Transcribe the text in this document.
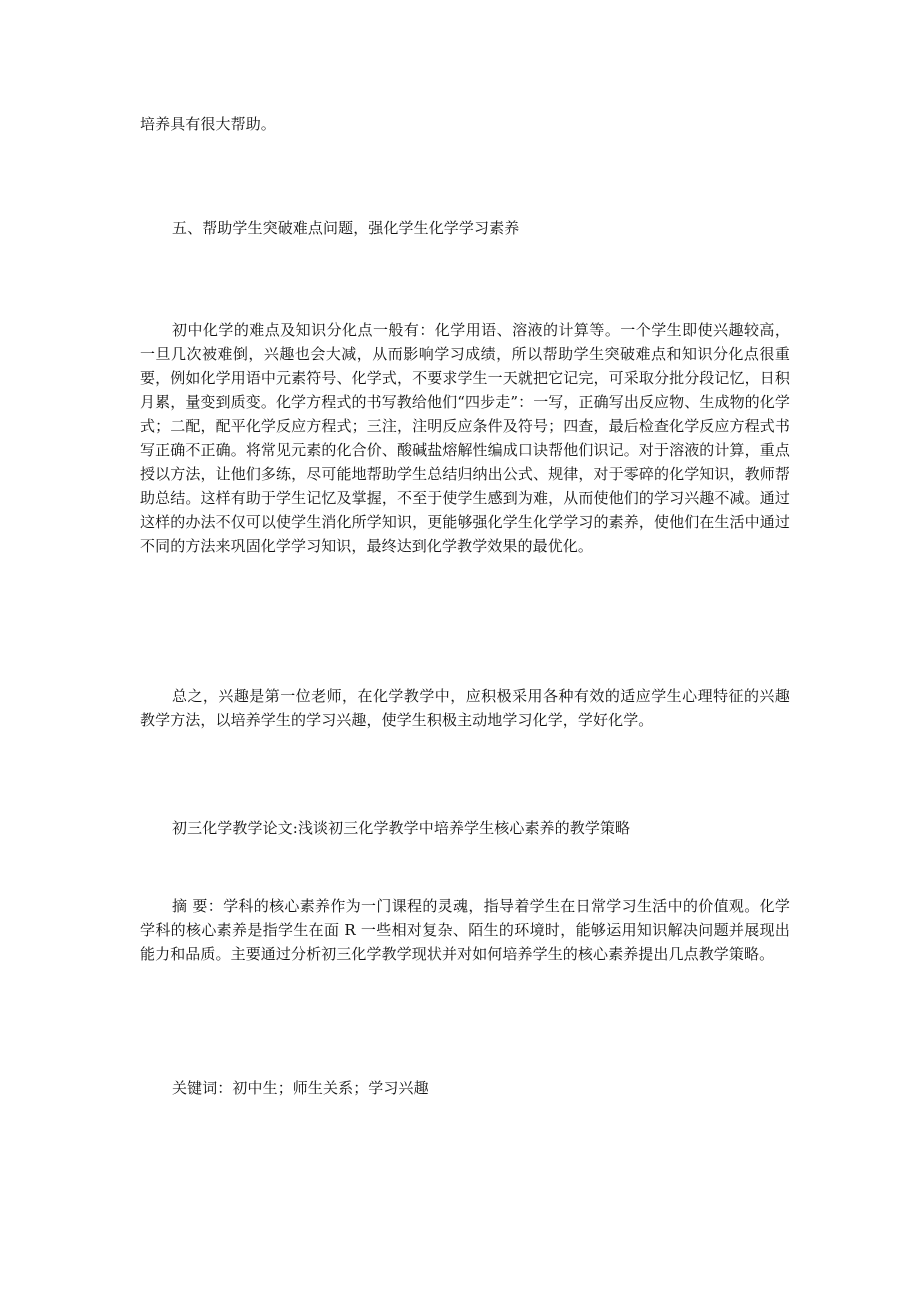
培养具有很大帮助。

五、帮助学生突破难点问题，强化学生化学学习素养

初中化学的难点及知识分化点一般有：化学用语、溶液的计算等。一个学生即使兴趣较高，一旦几次被难倒，兴趣也会大减，从而影响学习成绩，所以帮助学生突破难点和知识分化点很重要，例如化学用语中元素符号、化学式，不要求学生一天就把它记完，可采取分批分段记忆，日积月累，量变到质变。化学方程式的书写教给他们“四步走”：一写，正确写出反应物、生成物的化学式；二配，配平化学反应方程式；三注，注明反应条件及符号；四查，最后检查化学反应方程式书写正确不正确。将常见元素的化合价、酸碱盐熔解性编成口诀帮他们识记。对于溶液的计算，重点授以方法，让他们多练，尽可能地帮助学生总结归纳出公式、规律，对于零碎的化学知识，教师帮助总结。这样有助于学生记忆及掌握，不至于使学生感到为难，从而使他们的学习兴趣不减。通过这样的办法不仅可以使学生消化所学知识，更能够强化学生化学学习的素养，使他们在生活中通过不同的方法来巩固化学学习知识，最终达到化学教学效果的最优化。

总之，兴趣是第一位老师，在化学教学中，应积极采用各种有效的适应学生心理特征的兴趣教学方法，以培养学生的学习兴趣，使学生积极主动地学习化学，学好化学。

初三化学教学论文:浅谈初三化学教学中培养学生核心素养的教学策略

摘 要：学科的核心素养作为一门课程的灵魂，指导着学生在日常学习生活中的价值观。化学学科的核心素养是指学生在面 R 一些相对复杂、陌生的环境时，能够运用知识解决问题并展现出能力和品质。主要通过分析初三化学教学现状并对如何培养学生的核心素养提出几点教学策略。

关键词：初中生；师生关系；学习兴趣
